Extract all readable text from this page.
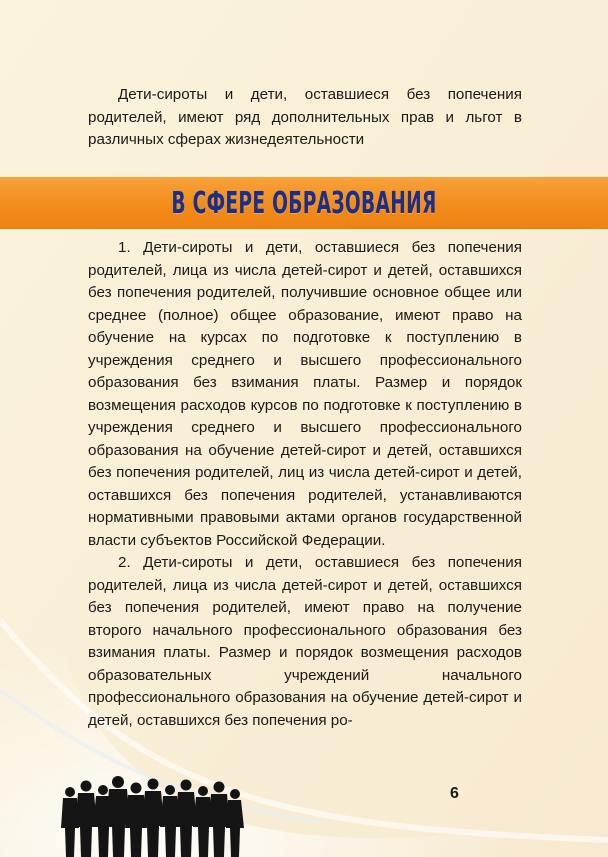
Дети-сироты и дети, оставшиеся без попечения родителей, имеют ряд дополнительных прав и льгот в различных сферах жизнедеятельности

В СФЕРЕ ОБРАЗОВАНИЯ

1. Дети-сироты и дети, оставшиеся без попечения родителей, лица из числа детей-сирот и детей, оставшихся без попечения родителей, получившие основное общее или среднее (полное) общее образование, имеют право на обучение на курсах по подготовке к поступлению в учреждения среднего и высшего профессионального образования без взимания платы. Размер и порядок возмещения расходов курсов по подготовке к поступлению в учреждения среднего и высшего профессионального образования на обучение детей-сирот и детей, оставшихся без попечения родителей, лиц из числа детей-сирот и детей, оставшихся без попечения родителей, устанавливаются нормативными правовыми актами органов государственной власти субъектов Российской Федерации.

2. Дети-сироты и дети, оставшиеся без попечения родителей, лица из числа детей-сирот и детей, оставшихся без попечения родителей, имеют право на получение второго начального профессионального образования без взимания платы. Размер и порядок возмещения расходов образовательных учреждений начального профессионального образования на обучение детей-сирот и детей, оставшихся без попечения ро-

6
